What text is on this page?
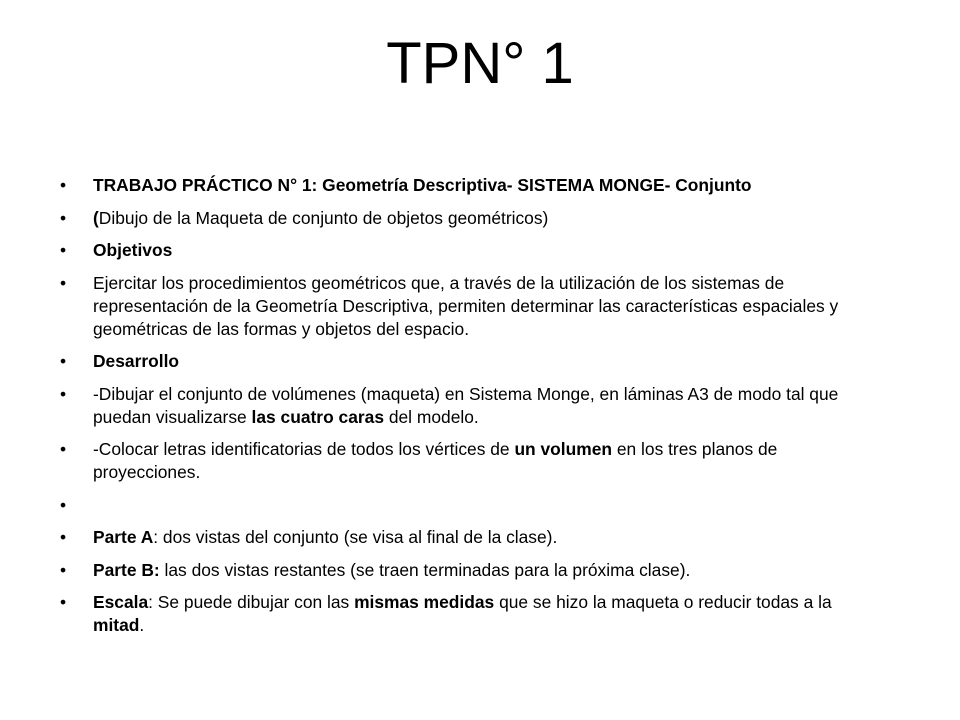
TPN° 1
•	TRABAJO PRÁCTICO N° 1: Geometría Descriptiva- SISTEMA MONGE- Conjunto
•	(Dibujo de la Maqueta de conjunto de objetos geométricos)
•	Objetivos
•	Ejercitar los procedimientos geométricos que, a través de la utilización de los sistemas de representación de la Geometría Descriptiva, permiten determinar las características espaciales y geométricas de las formas y objetos del espacio.
•	Desarrollo
•	-Dibujar el conjunto de volúmenes (maqueta) en Sistema Monge, en láminas A3 de modo tal que puedan visualizarse las cuatro caras del modelo.
•	-Colocar letras identificatorias de todos los vértices de un volumen en los tres planos de proyecciones.
•
•	Parte A: dos vistas del conjunto (se visa al final de la clase).
•	Parte B: las dos vistas restantes (se traen terminadas para la próxima clase).
•	Escala: Se puede dibujar con las mismas medidas que se hizo la maqueta o reducir todas a la mitad.
